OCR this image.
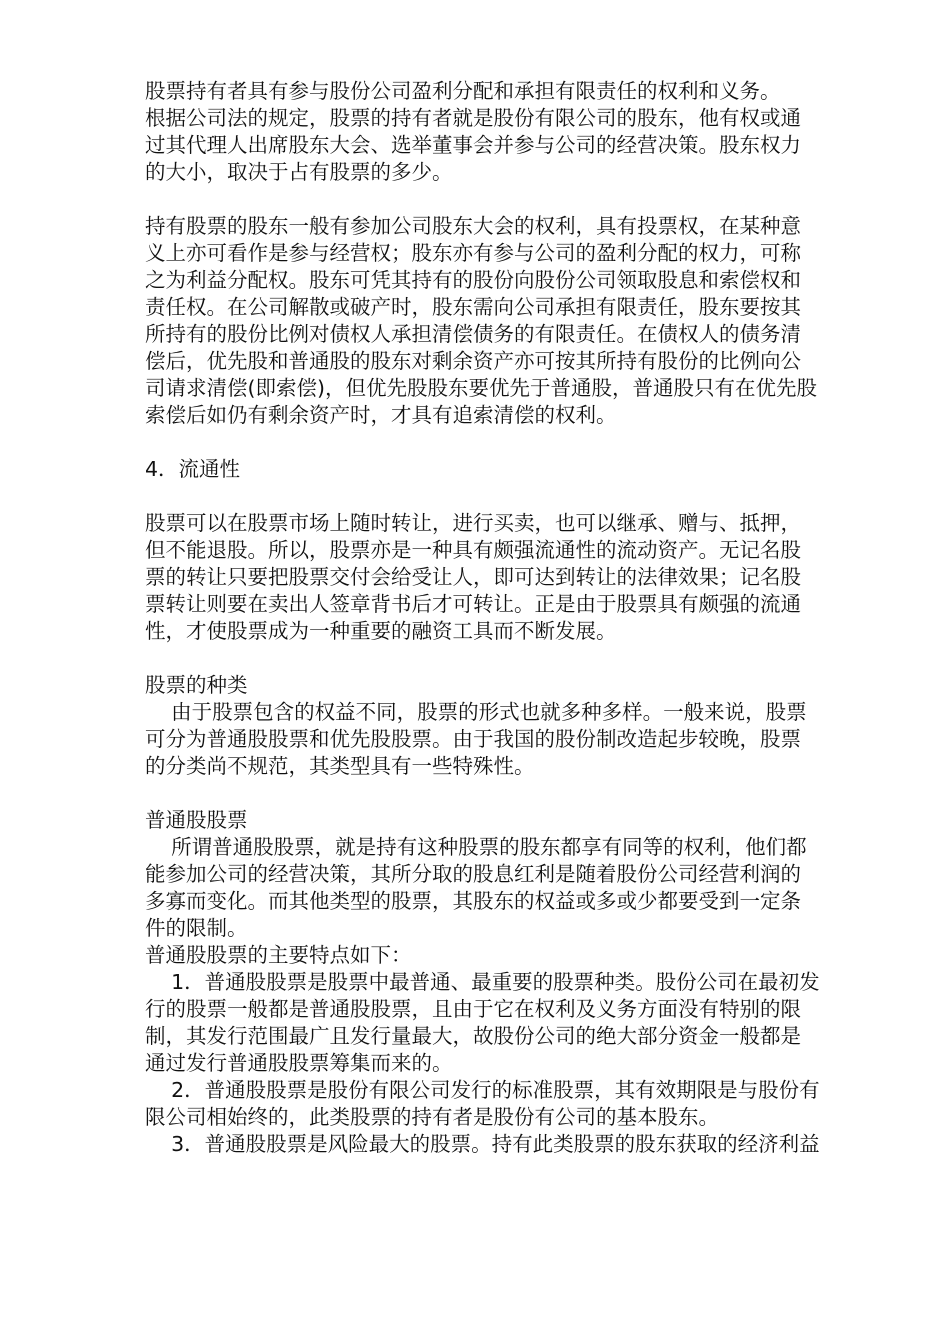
股票持有者具有参与股份公司盈利分配和承担有限责任的权利和义务。
根据公司法的规定，股票的持有者就是股份有限公司的股东，他有权或通
过其代理人出席股东大会、选举董事会并参与公司的经营决策。股东权力
的大小，取决于占有股票的多少。
持有股票的股东一般有参加公司股东大会的权利，具有投票权，在某种意
义上亦可看作是参与经营权；股东亦有参与公司的盈利分配的权力，可称
之为利益分配权。股东可凭其持有的股份向股份公司领取股息和索偿权和
责任权。在公司解散或破产时，股东需向公司承担有限责任，股东要按其
所持有的股份比例对债权人承担清偿债务的有限责任。在债权人的债务清
偿后，优先股和普通股的股东对剩余资产亦可按其所持有股份的比例向公
司请求清偿(即索偿)，但优先股股东要优先于普通股，普通股只有在优先股
索偿后如仍有剩余资产时，才具有追索清偿的权利。
4．流通性
股票可以在股票市场上随时转让，进行买卖，也可以继承、赠与、抵押，
但不能退股。所以，股票亦是一种具有颇强流通性的流动资产。无记名股
票的转让只要把股票交付会给受让人，即可达到转让的法律效果；记名股
票转让则要在卖出人签章背书后才可转让。正是由于股票具有颇强的流通
性，才使股票成为一种重要的融资工具而不断发展。
股票的种类
由于股票包含的权益不同，股票的形式也就多种多样。一般来说，股票
可分为普通股股票和优先股股票。由于我国的股份制改造起步较晚，股票
的分类尚不规范，其类型具有一些特殊性。
普通股股票
所谓普通股股票，就是持有这种股票的股东都享有同等的权利，他们都
能参加公司的经营决策，其所分取的股息红利是随着股份公司经营利润的
多寡而变化。而其他类型的股票，其股东的权益或多或少都要受到一定条
件的限制。
普通股股票的主要特点如下：
1．普通股股票是股票中最普通、最重要的股票种类。股份公司在最初发
行的股票一般都是普通股股票，且由于它在权利及义务方面没有特别的限
制，其发行范围最广且发行量最大，故股份公司的绝大部分资金一般都是
通过发行普通股股票筹集而来的。
2．普通股股票是股份有限公司发行的标准股票，其有效期限是与股份有
限公司相始终的，此类股票的持有者是股份有公司的基本股东。
3．普通股股票是风险最大的股票。持有此类股票的股东获取的经济利益
